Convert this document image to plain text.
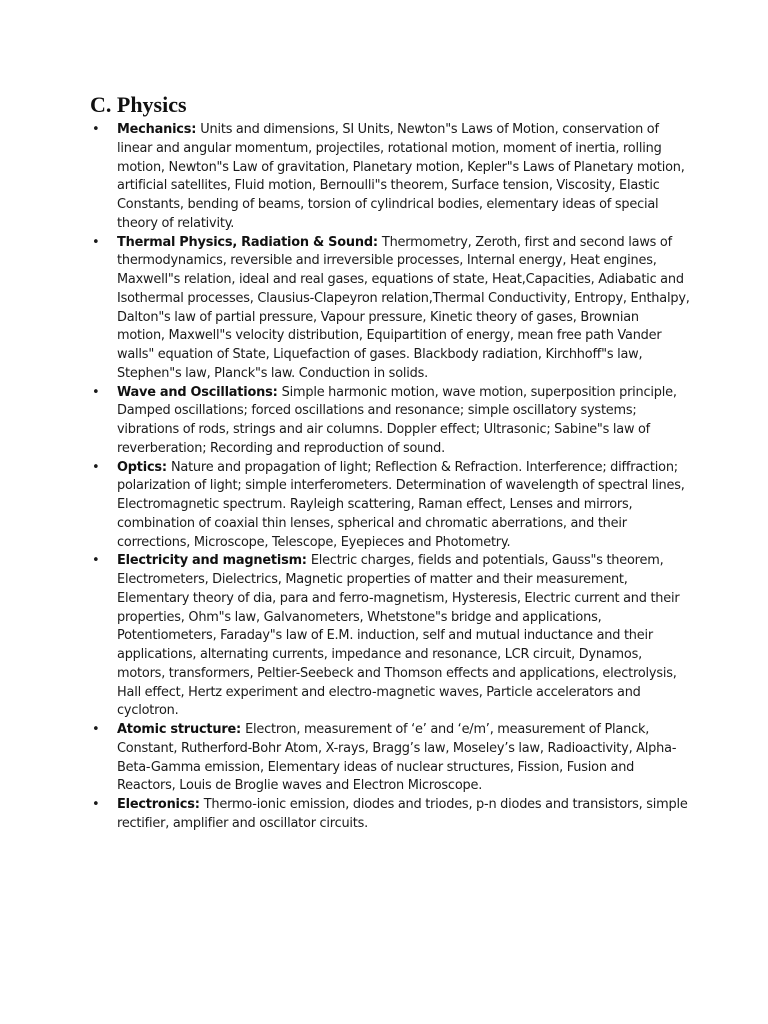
C. Physics
• Mechanics: Units and dimensions, SI Units, Newton"s Laws of Motion, conservation of linear and angular momentum, projectiles, rotational motion, moment of inertia, rolling motion, Newton"s Law of gravitation, Planetary motion, Kepler"s Laws of Planetary motion, artificial satellites, Fluid motion, Bernoulli"s theorem, Surface tension, Viscosity, Elastic Constants, bending of beams, torsion of cylindrical bodies, elementary ideas of special theory of relativity.
• Thermal Physics, Radiation & Sound: Thermometry, Zeroth, first and second laws of thermodynamics, reversible and irreversible processes, Internal energy, Heat engines, Maxwell"s relation, ideal and real gases, equations of state, Heat,Capacities, Adiabatic and Isothermal processes, Clausius-Clapeyron relation,Thermal Conductivity, Entropy, Enthalpy, Dalton"s law of partial pressure, Vapour pressure, Kinetic theory of gases, Brownian motion, Maxwell"s velocity distribution, Equipartition of energy, mean free path Vander walls" equation of State, Liquefaction of gases. Blackbody radiation, Kirchhoff"s law, Stephen"s law, Planck"s law. Conduction in solids.
• Wave and Oscillations: Simple harmonic motion, wave motion, superposition principle, Damped oscillations; forced oscillations and resonance; simple oscillatory systems; vibrations of rods, strings and air columns. Doppler effect; Ultrasonic; Sabine"s law of reverberation; Recording and reproduction of sound.
• Optics: Nature and propagation of light; Reflection & Refraction. Interference; diffraction; polarization of light; simple interferometers. Determination of wavelength of spectral lines, Electromagnetic spectrum. Rayleigh scattering, Raman effect, Lenses and mirrors, combination of coaxial thin lenses, spherical and chromatic aberrations, and their corrections, Microscope, Telescope, Eyepieces and Photometry.
• Electricity and magnetism: Electric charges, fields and potentials, Gauss"s theorem, Electrometers, Dielectrics, Magnetic properties of matter and their measurement, Elementary theory of dia, para and ferro-magnetism, Hysteresis, Electric current and their properties, Ohm"s law, Galvanometers, Whetstone"s bridge and applications, Potentiometers, Faraday"s law of E.M. induction, self and mutual inductance and their applications, alternating currents, impedance and resonance, LCR circuit, Dynamos, motors, transformers, Peltier-Seebeck and Thomson effects and applications, electrolysis, Hall effect, Hertz experiment and electro-magnetic waves, Particle accelerators and cyclotron.
• Atomic structure: Electron, measurement of ‘e’ and ‘e/m’, measurement of Planck, Constant, Rutherford-Bohr Atom, X-rays, Bragg’s law, Moseley’s law, Radioactivity, Alpha-Beta-Gamma emission, Elementary ideas of nuclear structures, Fission, Fusion and Reactors, Louis de Broglie waves and Electron Microscope.
• Electronics: Thermo-ionic emission, diodes and triodes, p-n diodes and transistors, simple rectifier, amplifier and oscillator circuits.
